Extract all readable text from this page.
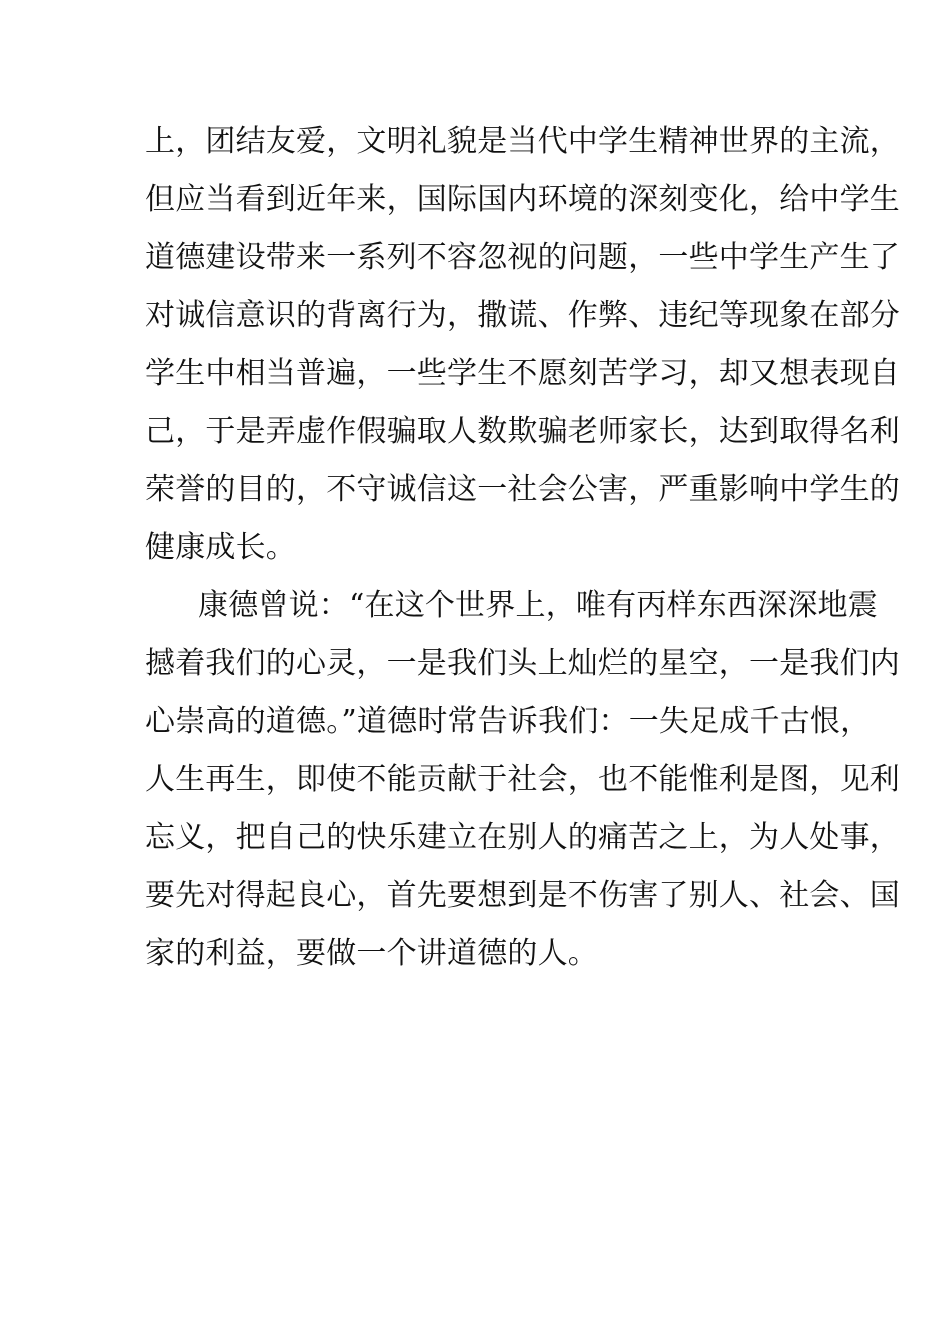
上，团结友爱，文明礼貌是当代中学生精神世界的主流，
但应当看到近年来，国际国内环境的深刻变化，给中学生
道德建设带来一系列不容忽视的问题，一些中学生产生了
对诚信意识的背离行为，撒谎、作弊、违纪等现象在部分
学生中相当普遍，一些学生不愿刻苦学习，却又想表现自
己，于是弄虚作假骗取人数欺骗老师家长，达到取得名利
荣誉的目的，不守诚信这一社会公害，严重影响中学生的
健康成长。
康德曾说：“在这个世界上，唯有丙样东西深深地震
撼着我们的心灵，一是我们头上灿烂的星空，一是我们内
心崇高的道德。”道德时常告诉我们：一失足成千古恨，
人生再生，即使不能贡献于社会，也不能惟利是图，见利
忘义，把自己的快乐建立在别人的痛苦之上，为人处事，
要先对得起良心，首先要想到是不伤害了别人、社会、国
家的利益，要做一个讲道德的人。
